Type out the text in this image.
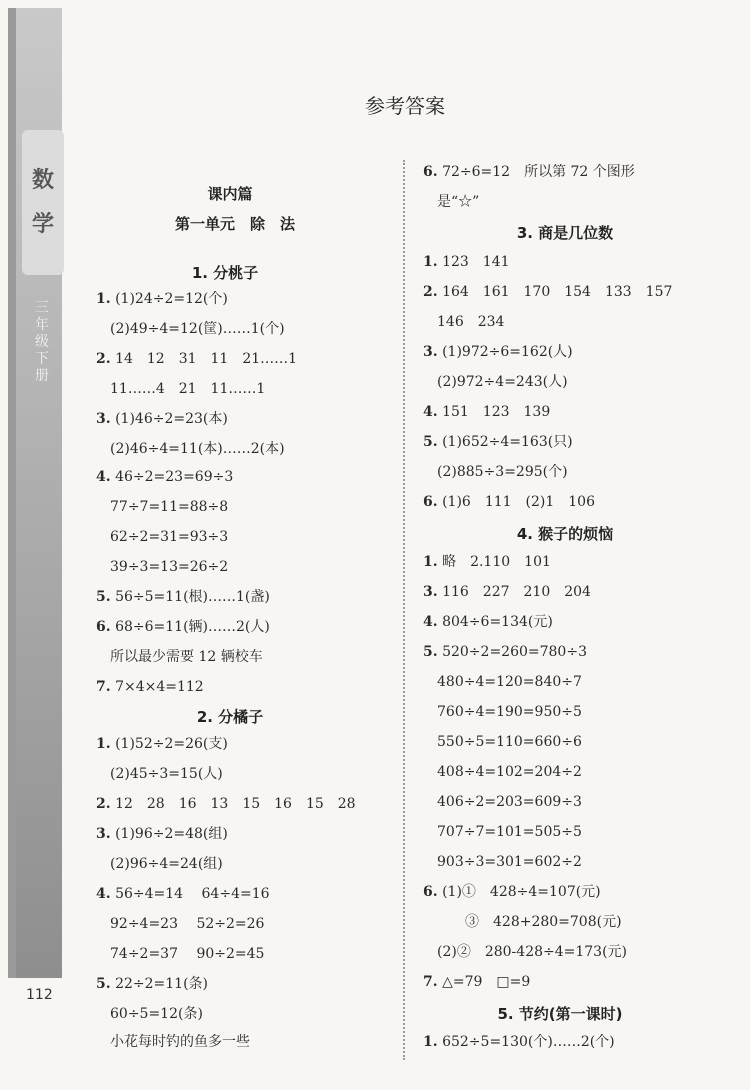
数
学
三年级下册
112
参考答案
课内篇
第一单元　除　法
1. 分桃子
1. (1)24÷2=12(个)
　(2)49÷4=12(筐)……1(个)
2. 14　12　31　11　21……1
　11……4　21　11……1
3. (1)46÷2=23(本)
　(2)46÷4=11(本)……2(本)
4. 46÷2=23=69÷3
　77÷7=11=88÷8
　62÷2=31=93÷3
　39÷3=13=26÷2
5. 56÷5=11(根)……1(盏)
6. 68÷6=11(辆)……2(人)
　所以最少需要 12 辆校车
7. 7×4×4=112
2. 分橘子
1. (1)52÷2=26(支)
　(2)45÷3=15(人)
2. 12　28　16　13　15　16　15　28
3. (1)96÷2=48(组)
　(2)96÷4=24(组)
4. 56÷4=14　 64÷4=16
　92÷4=23　 52÷2=26
　74÷2=37　 90÷2=45
5. 22÷2=11(条)
　60÷5=12(条)
　小花每时钓的鱼多一些
6. 72÷6=12　所以第 72 个图形
　是“☆”
3. 商是几位数
1. 123　141
2. 164　161　170　154　133　157
　146　234
3. (1)972÷6=162(人)
　(2)972÷4=243(人)
4. 151　123　139
5. (1)652÷4=163(只)
　(2)885÷3=295(个)
6. (1)6　111　(2)1　106
4. 猴子的烦恼
1. 略　2.110　101
3. 116　227　210　204
4. 804÷6=134(元)
5. 520÷2=260=780÷3
　480÷4=120=840÷7
　760÷4=190=950÷5
　550÷5=110=660÷6
　408÷4=102=204÷2
　406÷2=203=609÷3
　707÷7=101=505÷5
　903÷3=301=602÷2
6. (1)①　428÷4=107(元)
　　　③　428+280=708(元)
　(2)②　280-428÷4=173(元)
7. △=79　□=9
5. 节约(第一课时)
1. 652÷5=130(个)……2(个)
